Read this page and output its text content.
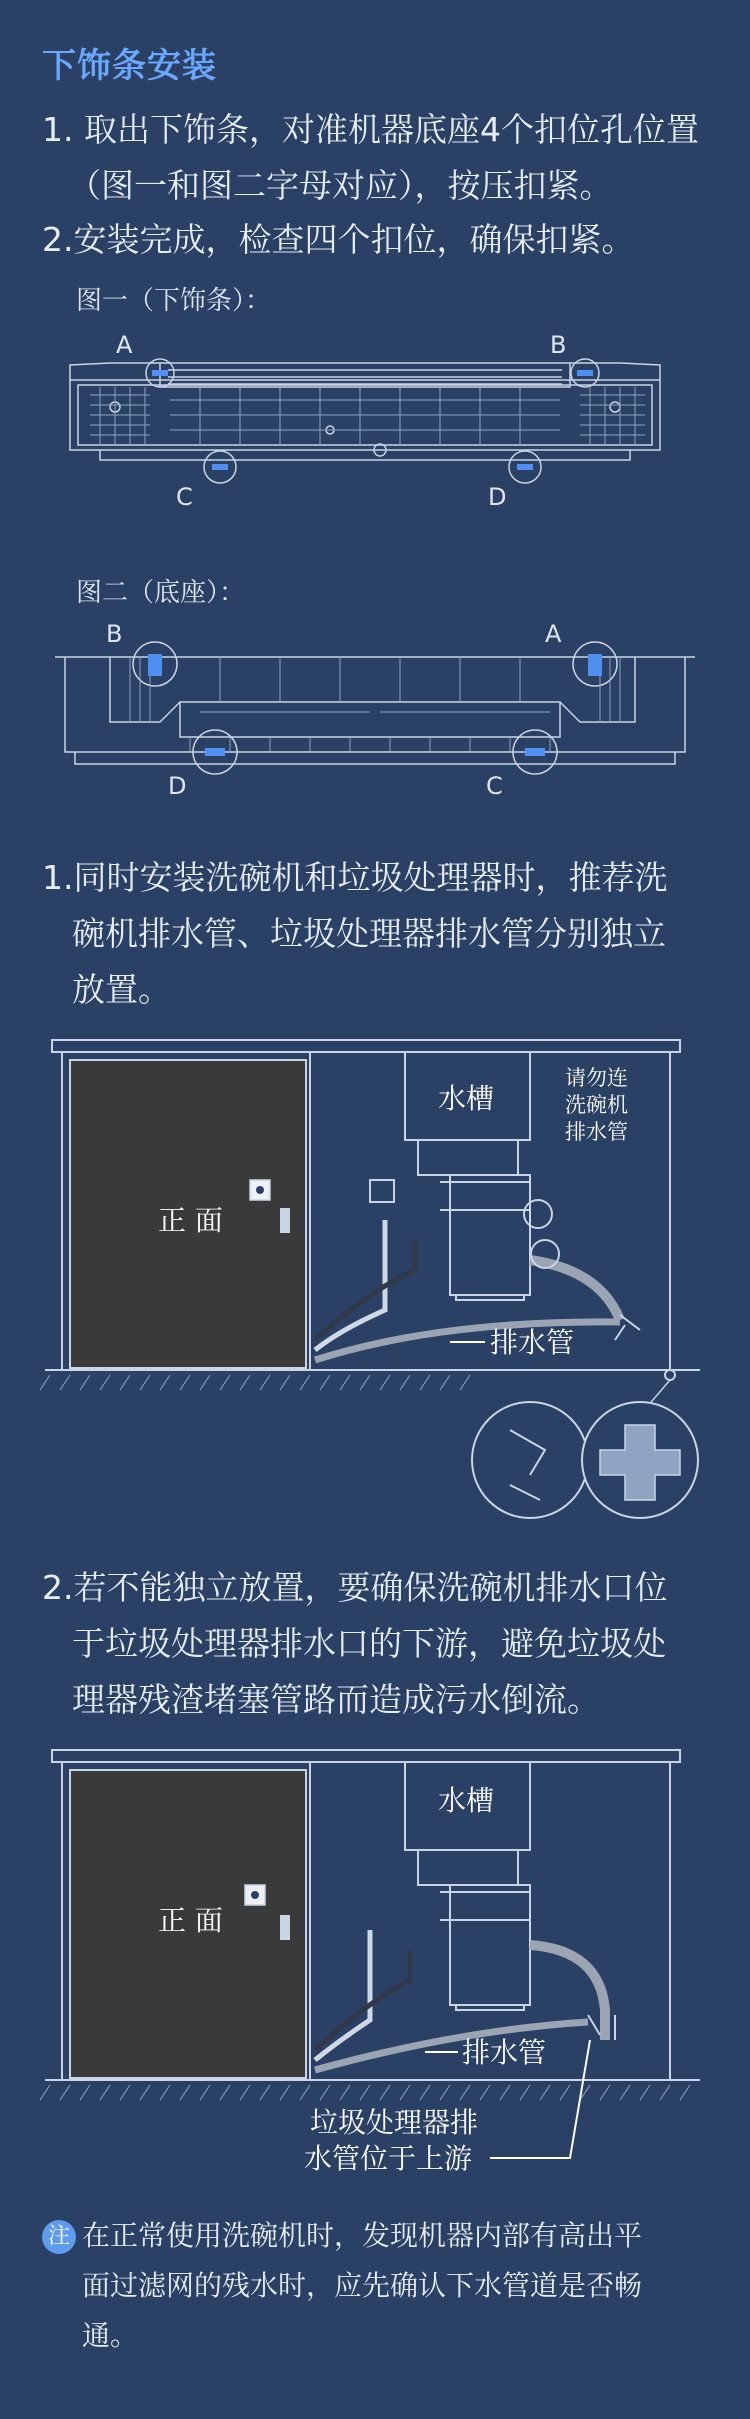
下饰条安装
1. 取出下饰条，对准机器底座4个扣位孔位置
（图一和图二字母对应），按压扣紧。
2.安装完成，检查四个扣位，确保扣紧。
图一（下饰条）：
A	B
C	D
图二（底座）：
B	A
D	C
1.同时安装洗碗机和垃圾处理器时，推荐洗
碗机排水管、垃圾处理器排水管分别独立
放置。
正 面
水槽
请勿连
洗碗机
排水管
排水管
2.若不能独立放置，要确保洗碗机排水口位
于垃圾处理器排水口的下游，避免垃圾处
理器残渣堵塞管路而造成污水倒流。
正 面
水槽
排水管
垃圾处理器排
水管位于上游
注 在正常使用洗碗机时，发现机器内部有高出平
面过滤网的残水时，应先确认下水管道是否畅
通。
